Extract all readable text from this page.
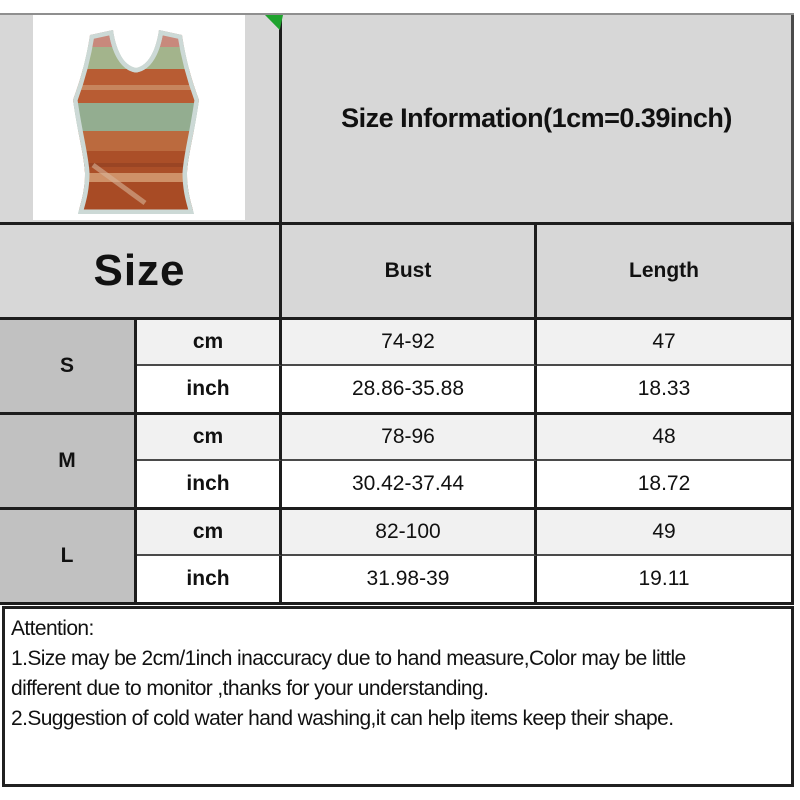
Size Information(1cm=0.39inch)
Size	Bust	Length
S
cm	74-92	47
inch	28.86-35.88	18.33
M
cm	78-96	48
inch	30.42-37.44	18.72
L
cm	82-100	49
inch	31.98-39	19.11
Attention:
1.Size may be 2cm/1inch inaccuracy due to hand measure,Color may be little
different due to monitor ,thanks for your understanding.
2.Suggestion of cold water hand washing,it can help items keep their shape.
